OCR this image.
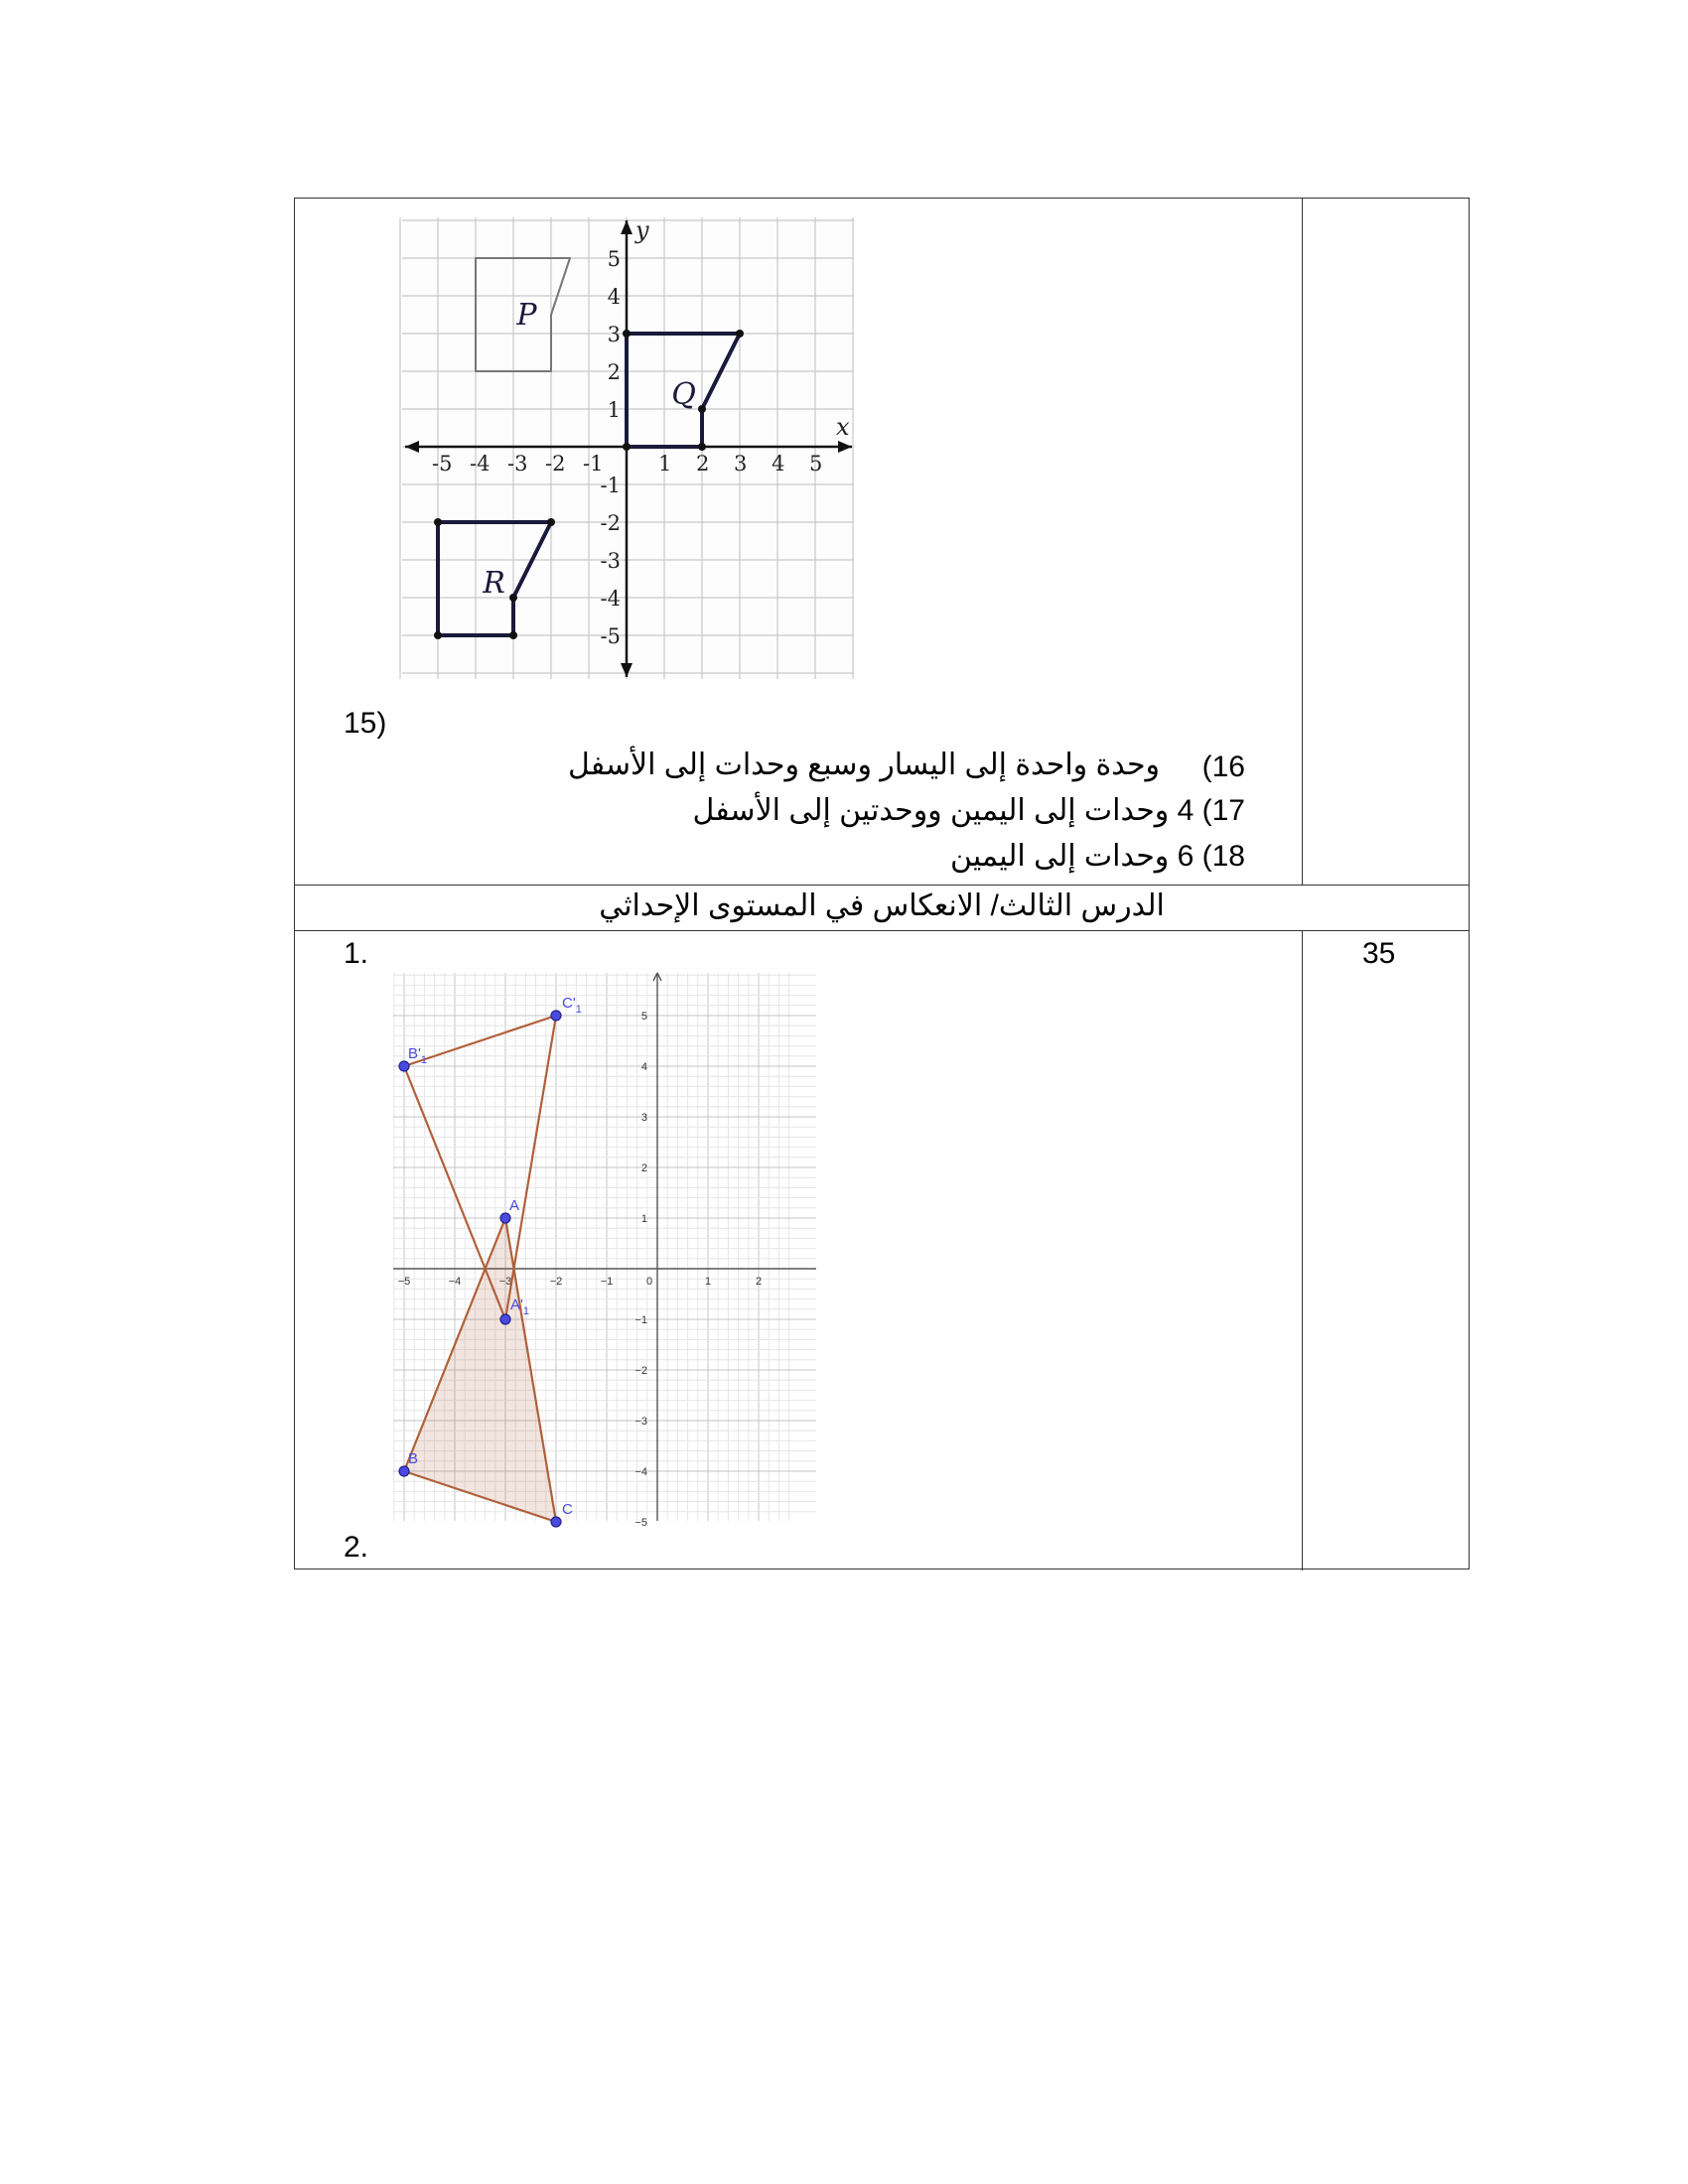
x
y
-5 -4 -3 -2 -1	1 2 3 4 5
5
4
3
2
1
-1
-2
-3
-4
-5
P
Q
R
15)
16)
وحدة واحدة إلى اليسار وسبع وحدات إلى الأسفل
17) 4 وحدات إلى اليمين ووحدتين إلى الأسفل
18) 6 وحدات إلى اليمين
الدرس الثالث/ الانعكاس في المستوى الإحداثي
1.	35
2.
−5	−4	−2	−1	0	1	2
5
4
3
2
1
−1
−2
−3
−4
−5
A
B
C
$A'_1$
$B'_1$
$C'_1$
